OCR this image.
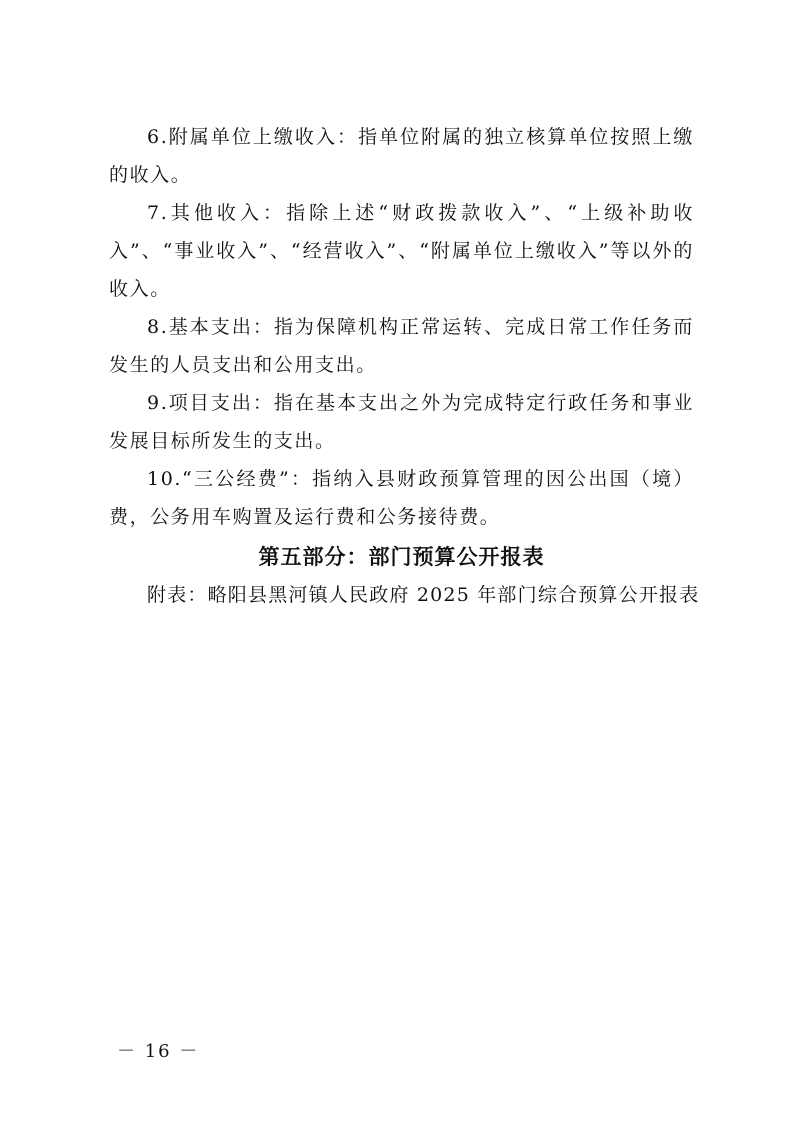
6.附属单位上缴收入：指单位附属的独立核算单位按照上缴的收入。

7.其他收入：指除上述“财政拨款收入”、“上级补助收入”、“事业收入”、“经营收入”、“附属单位上缴收入”等以外的收入。

8.基本支出：指为保障机构正常运转、完成日常工作任务而发生的人员支出和公用支出。

9.项目支出：指在基本支出之外为完成特定行政任务和事业发展目标所发生的支出。

10.“三公经费”：指纳入县财政预算管理的因公出国（境）费，公务用车购置及运行费和公务接待费。

第五部分：部门预算公开报表

附表：略阳县黑河镇人民政府 2025 年部门综合预算公开报表

－ 16 －
